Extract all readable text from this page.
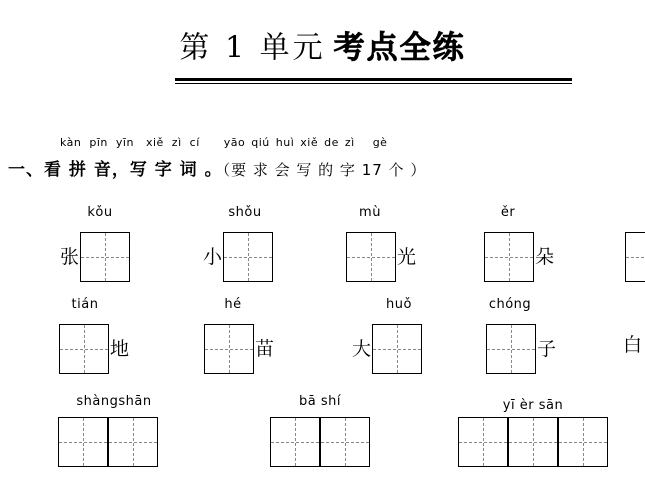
第 1 单元 考点全练
kàn pīn yīn xiě zì cí yāo qiú huì xiě de zì gè
一、看 拼 音，写 字 词 。（要 求 会 写 的 字 17 个 ）
kǒu
张
shǒu
小
mù
光
ěr
朵
tián
地
hé
苗
huǒ
大
chóng
子	白
shàngshān	bā shí	yī èr sān
